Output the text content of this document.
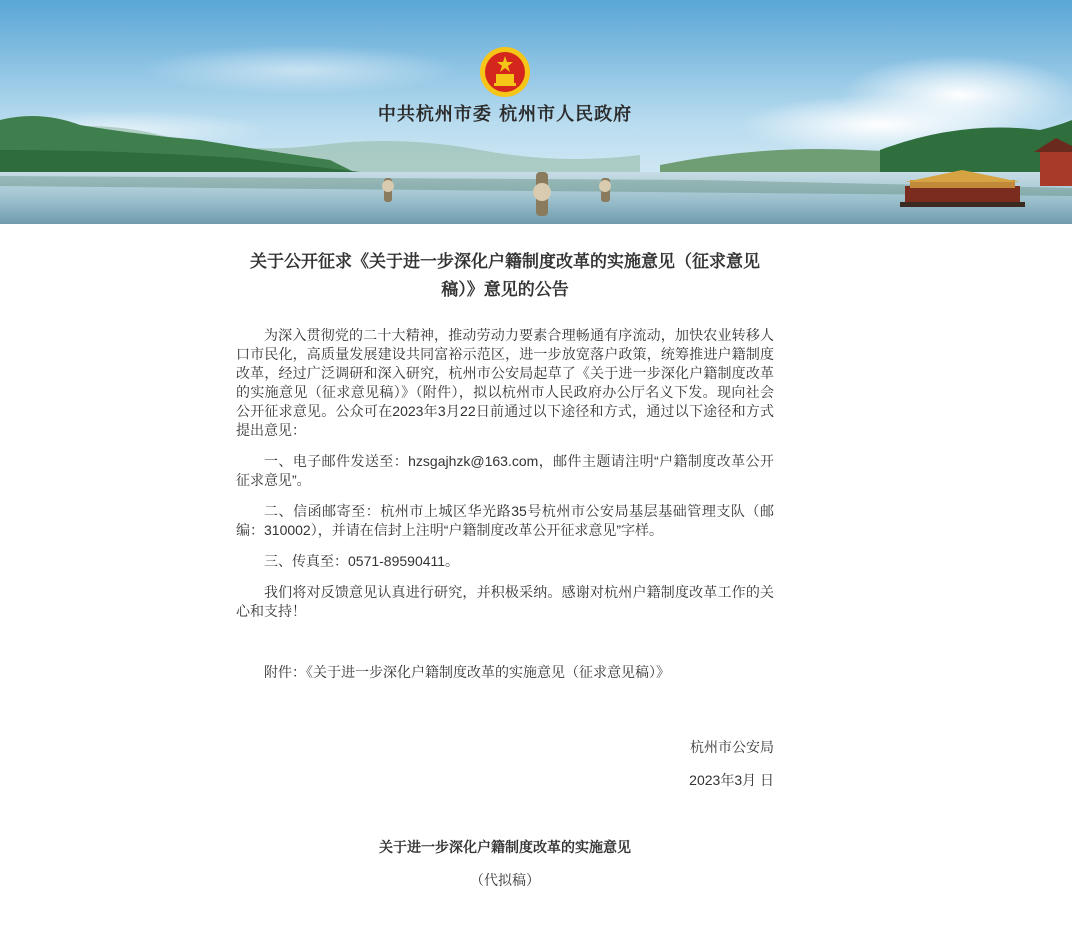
中共杭州市委 杭州市人民政府
关于公开征求《关于进一步深化户籍制度改革的实施意见（征求意见稿）》意见的公告

为深入贯彻党的二十大精神，推动劳动力要素合理畅通有序流动，加快农业转移人口市民化，高质量发展建设共同富裕示范区，进一步放宽落户政策，统筹推进户籍制度改革，经过广泛调研和深入研究，杭州市公安局起草了《关于进一步深化户籍制度改革的实施意见（征求意见稿）》（附件），拟以杭州市人民政府办公厅名义下发。现向社会公开征求意见。公众可在2023年3月22日前通过以下途径和方式，通过以下途径和方式提出意见：

一、电子邮件发送至：hzsgajhzk@163.com，邮件主题请注明“户籍制度改革公开征求意见”。

二、信函邮寄至：杭州市上城区华光路35号杭州市公安局基层基础管理支队（邮编：310002），并请在信封上注明“户籍制度改革公开征求意见”字样。

三、传真至：0571-89590411。

我们将对反馈意见认真进行研究，并积极采纳。感谢对杭州户籍制度改革工作的关心和支持！

附件：《关于进一步深化户籍制度改革的实施意见（征求意见稿）》
杭州市公安局
2023年3月 日
关于进一步深化户籍制度改革的实施意见
（代拟稿）
